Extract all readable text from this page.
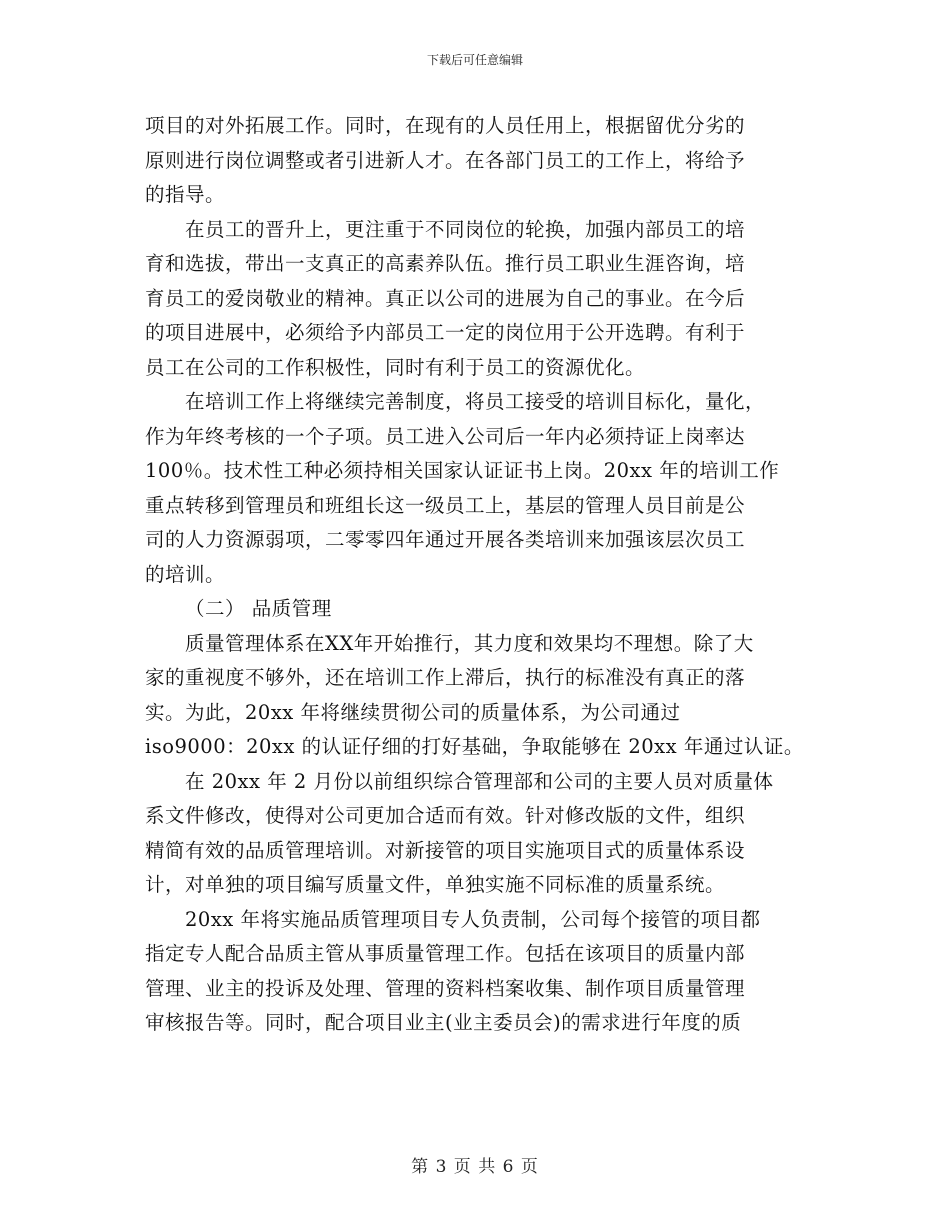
下载后可任意编辑
项目的对外拓展工作。同时，在现有的人员任用上，根据留优分劣的
原则进行岗位调整或者引进新人才。在各部门员工的工作上，将给予
的指导。
在员工的晋升上，更注重于不同岗位的轮换，加强内部员工的培
育和选拔，带出一支真正的高素养队伍。推行员工职业生涯咨询，培
育员工的爱岗敬业的精神。真正以公司的进展为自己的事业。在今后
的项目进展中，必须给予内部员工一定的岗位用于公开选聘。有利于
员工在公司的工作积极性，同时有利于员工的资源优化。
在培训工作上将继续完善制度，将员工接受的培训目标化，量化，
作为年终考核的一个子项。员工进入公司后一年内必须持证上岗率达
100％。技术性工种必须持相关国家认证证书上岗。20xx 年的培训工作
重点转移到管理员和班组长这一级员工上，基层的管理人员目前是公
司的人力资源弱项，二零零四年通过开展各类培训来加强该层次员工
的培训。
（二） 品质管理
质量管理体系在XX年开始推行，其力度和效果均不理想。除了大
家的重视度不够外，还在培训工作上滞后，执行的标准没有真正的落
实。为此，20xx 年将继续贯彻公司的质量体系，为公司通过
iso9000：20xx 的认证仔细的打好基础，争取能够在 20xx 年通过认证。
在 20xx 年 2 月份以前组织综合管理部和公司的主要人员对质量体
系文件修改，使得对公司更加合适而有效。针对修改版的文件，组织
精简有效的品质管理培训。对新接管的项目实施项目式的质量体系设
计，对单独的项目编写质量文件，单独实施不同标准的质量系统。
20xx 年将实施品质管理项目专人负责制，公司每个接管的项目都
指定专人配合品质主管从事质量管理工作。包括在该项目的质量内部
管理、业主的投诉及处理、管理的资料档案收集、制作项目质量管理
审核报告等。同时，配合项目业主(业主委员会)的需求进行年度的质
第 3 页 共 6 页
